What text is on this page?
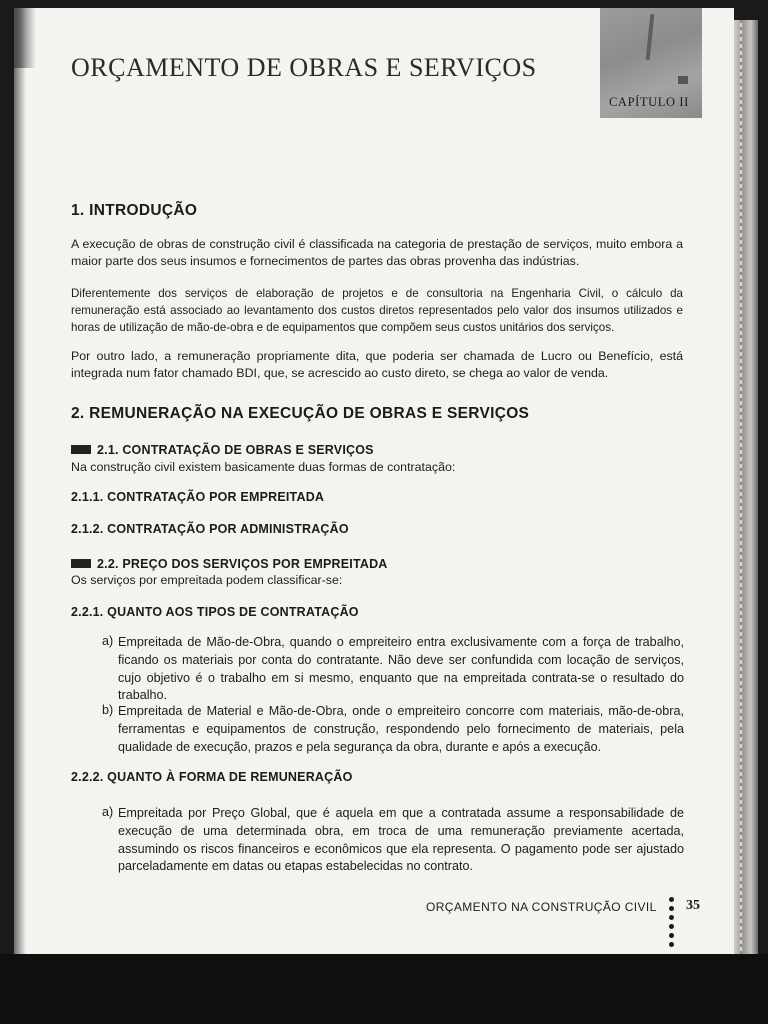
CAPÍTULO II
ORÇAMENTO DE OBRAS E SERVIÇOS
1. INTRODUÇÃO

A execução de obras de construção civil é classificada na categoria de prestação de serviços, muito embora a maior parte dos seus insumos e fornecimentos de partes das obras provenha das indústrias.

Diferentemente dos serviços de elaboração de projetos e de consultoria na Engenharia Civil, o cálculo da remuneração está associado ao levantamento dos custos diretos representados pelo valor dos insumos utilizados e horas de utilização de mão-de-obra e de equipamentos que compõem seus custos unitários dos serviços.

Por outro lado, a remuneração propriamente dita, que poderia ser chamada de Lucro ou Benefício, está integrada num fator chamado BDI, que, se acrescido ao custo direto, se chega ao valor de venda.

2. REMUNERAÇÃO NA EXECUÇÃO DE OBRAS E SERVIÇOS
2.1. CONTRATAÇÃO DE OBRAS E SERVIÇOS
Na construção civil existem basicamente duas formas de contratação:
2.1.1. CONTRATAÇÃO POR EMPREITADA
2.1.2. CONTRATAÇÃO POR ADMINISTRAÇÃO
2.2. PREÇO DOS SERVIÇOS POR EMPREITADA
Os serviços por empreitada podem classificar-se:
2.2.1. QUANTO AOS TIPOS DE CONTRATAÇÃO
a) Empreitada de Mão-de-Obra, quando o empreiteiro entra exclusivamente com a força de trabalho, ficando os materiais por conta do contratante. Não deve ser confundida com locação de serviços, cujo objetivo é o trabalho em si mesmo, enquanto que na empreitada contrata-se o resultado do trabalho.

b) Empreitada de Material e Mão-de-Obra, onde o empreiteiro concorre com materiais, mão-de-obra, ferramentas e equipamentos de construção, respondendo pelo fornecimento de materiais, pela qualidade de execução, prazos e pela segurança da obra, durante e após a execução.

2.2.2. QUANTO À FORMA DE REMUNERAÇÃO
a) Empreitada por Preço Global, que é aquela em que a contratada assume a responsabilidade de execução de uma determinada obra, em troca de uma remuneração previamente acertada, assumindo os riscos financeiros e econômicos que ela representa. O pagamento pode ser ajustado parceladamente em datas ou etapas estabelecidas no contrato.

ORÇAMENTO NA CONSTRUÇÃO CIVIL 35
